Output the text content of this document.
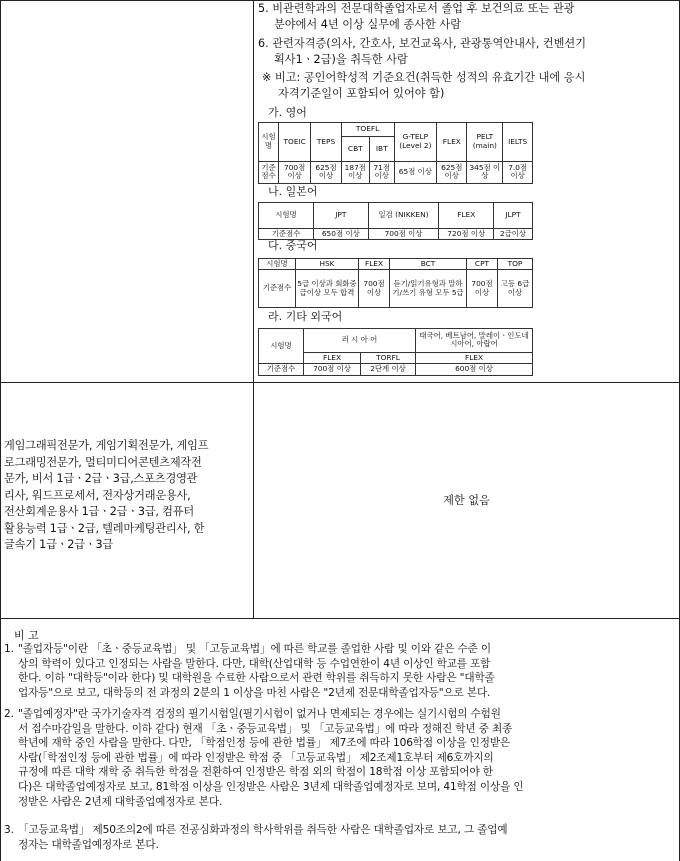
5. 비관련학과의 전문대학졸업자로서 졸업 후 보건의료 또는 관광
분야에서 4년 이상 실무에 종사한 사람
6. 관련자격증(의사, 간호사, 보건교육사, 관광통역안내사, 컨벤션기
획사1ㆍ2급)을 취득한 사람
※ 비고: 공인어학성적 기준요건(취득한 성적의 유효기간 내에 응시
자격기준일이 포함되어 있어야 함)
가. 영어
시험명	TOEIC	TEPS	TOEFL		G-TELP (Level 2)	FLEX	PELT (main)	IELTS
			CBT	IBT				
기준점수	700점 이상	625점 이상	187점 이상	71점 이상	65점 이상	625점 이상	345점 이상	7.0점 이상
나. 일본어
시험명	JPT	일검 (NIKKEN)	FLEX	JLPT
기준점수	650점 이상	700점 이상	720점 이상	2급이상
다. 중국어
시험명	HSK	FLEX	BCT	CPT	TOP
기준점수	5급 이상과 회화중급이상 모두 합격	700점 이상	듣기/읽기유형과 말하기/쓰기 유형 모두 5급	700점 이상	고등 6급 이상
라. 기타 외국어
시험명	러 시 아 어		태국어, 베트남어, 말레이ㆍ인도네시아어, 아랍어
	FLEX	TORFL	FLEX
기준점수	700점 이상	2단계 이상	600점 이상
게임그래픽전문가, 게임기획전문가, 게임프
로그래밍전문가, 멀티미디어콘텐츠제작전
문가, 비서 1급ㆍ2급ㆍ3급,스포츠경영관
리사, 워드프로세서, 전자상거래운용사,
전산회계운용사 1급ㆍ2급ㆍ3급, 컴퓨터
활용능력 1급ㆍ2급, 텔레마케팅관리사, 한
글속기 1급ㆍ2급ㆍ3급
제한 없음
비 고
1. "졸업자등"이란 「초ㆍ중등교육법」 및 「고등교육법」에 따른 학교를 졸업한 사람 및 이와 같은 수준 이
상의 학력이 있다고 인정되는 사람을 말한다. 다만, 대학(산업대학 등 수업연한이 4년 이상인 학교를 포함
한다. 이하 "대학등"이라 한다) 및 대학원을 수료한 사람으로서 관련 학위를 취득하지 못한 사람은 "대학졸
업자등"으로 보고, 대학등의 전 과정의 2분의 1 이상을 마친 사람은 "2년제 전문대학졸업자등"으로 본다.
2. "졸업예정자"란 국가기술자격 검정의 필기시험일(필기시험이 없거나 면제되는 경우에는 실기시험의 수험원
서 접수마감일을 말한다. 이하 같다) 현재 「초ㆍ중등교육법」 및 「고등교육법」에 따라 정해진 학년 중 최종
학년에 재학 중인 사람을 말한다. 다만, 「학점인정 등에 관한 법률」 제7조에 따라 106학점 이상을 인정받은
사람(「학점인정 등에 관한 법률」에 따라 인정받은 학점 중 「고등교육법」 제2조제1호부터 제6호까지의
규정에 따른 대학 재학 중 취득한 학점을 전환하여 인정받은 학점 외의 학점이 18학점 이상 포함되어야 한
다)은 대학졸업예정자로 보고, 81학점 이상을 인정받은 사람은 3년제 대학졸업예정자로 보며, 41학점 이상을 인
정받은 사람은 2년제 대학졸업예정자로 본다.
3. 「고등교육법」 제50조의2에 따른 전공심화과정의 학사학위를 취득한 사람은 대학졸업자로 보고, 그 졸업예
정자는 대학졸업예정자로 본다.
